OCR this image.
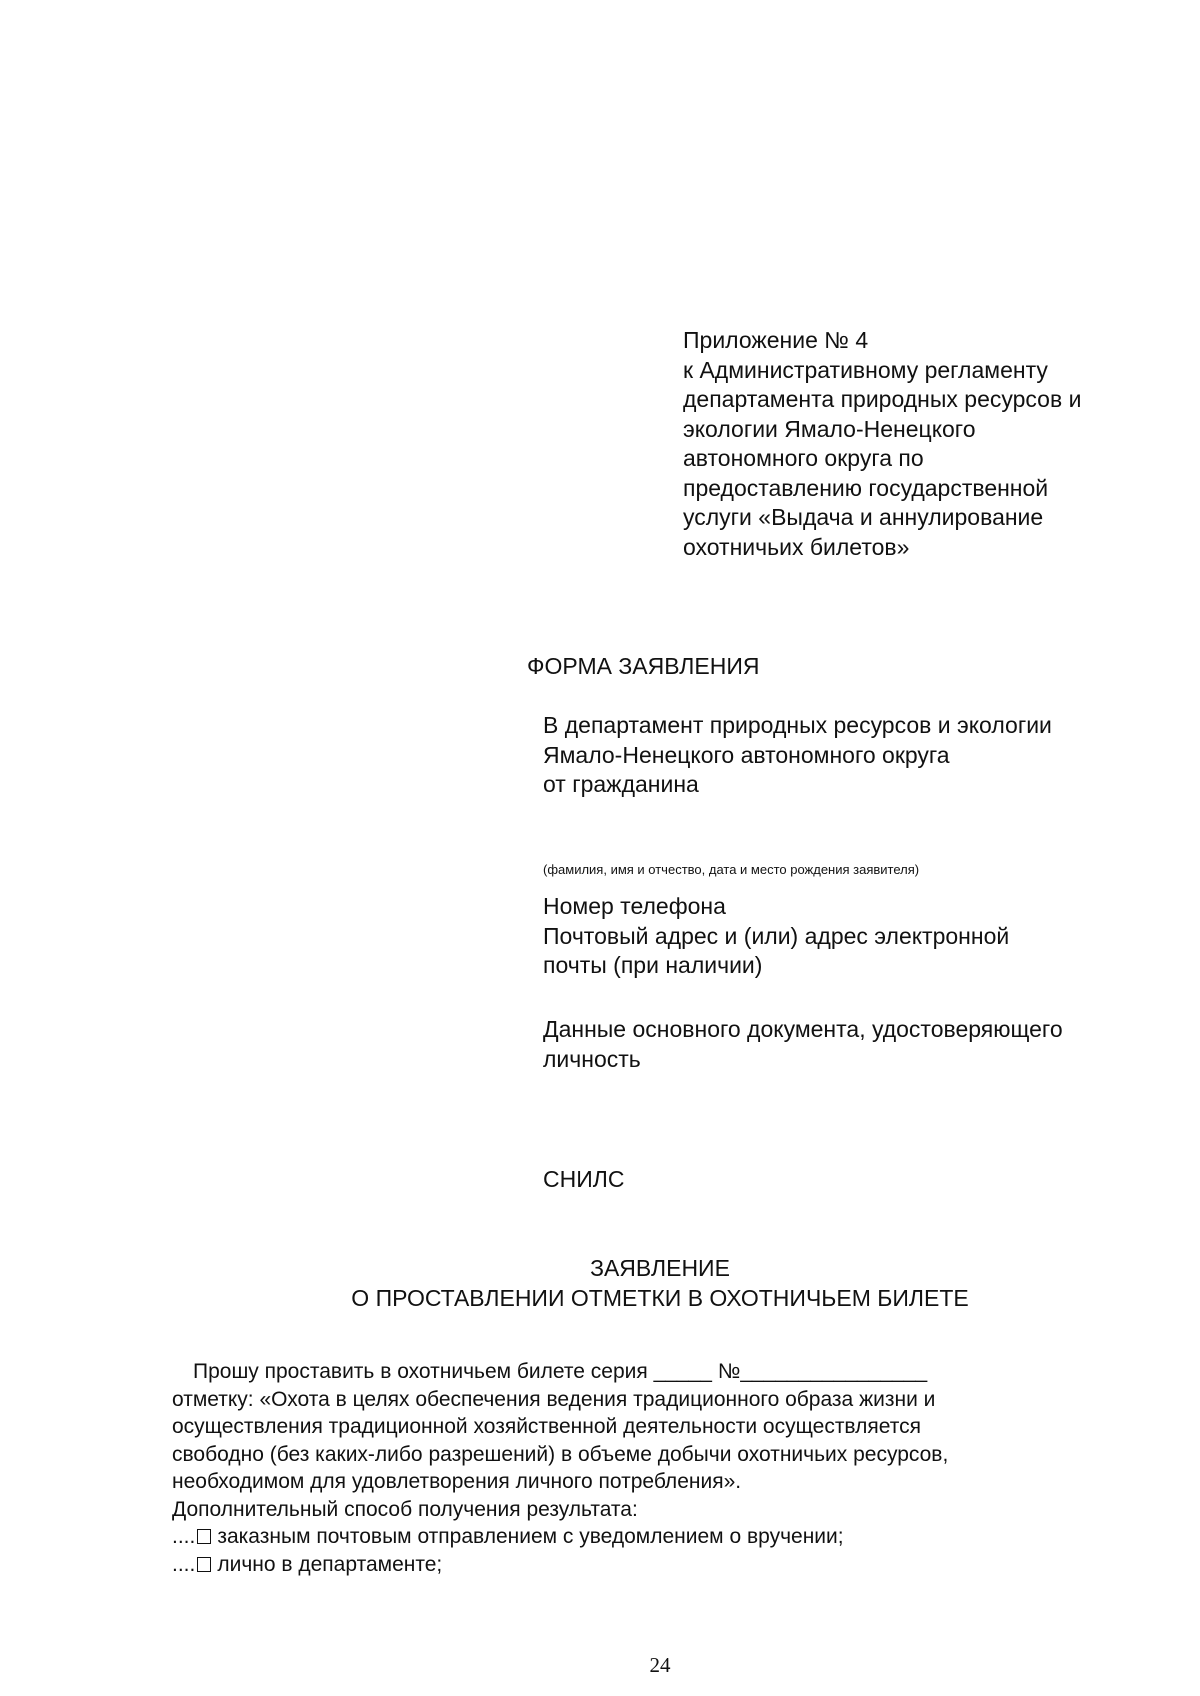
Приложение № 4
к Административному регламенту
департамента природных ресурсов и
экологии Ямало-Ненецкого
автономного округа по
предоставлению государственной
услуги «Выдача и аннулирование
охотничьих билетов»
ФОРМА ЗАЯВЛЕНИЯ
В департамент природных ресурсов и экологии
Ямало-Ненецкого автономного округа
от гражданина
(фамилия, имя и отчество, дата и место рождения заявителя)
Номер телефона
Почтовый адрес и (или) адрес электронной
почты (при наличии)
Данные основного документа, удостоверяющего
личность
СНИЛС
ЗАЯВЛЕНИЕ
О ПРОСТАВЛЕНИИ ОТМЕТКИ В ОХОТНИЧЬЕМ БИЛЕТЕ
Прошу проставить в охотничьем билете серия _____ №________________
отметку: «Охота в целях обеспечения ведения традиционного образа жизни и
осуществления традиционной хозяйственной деятельности осуществляется
свободно (без каких-либо разрешений) в объеме добычи охотничьих ресурсов,
необходимом для удовлетворения личного потребления».
Дополнительный способ получения результата:
.... заказным почтовым отправлением с уведомлением о вручении;
.... лично в департаменте;
24
